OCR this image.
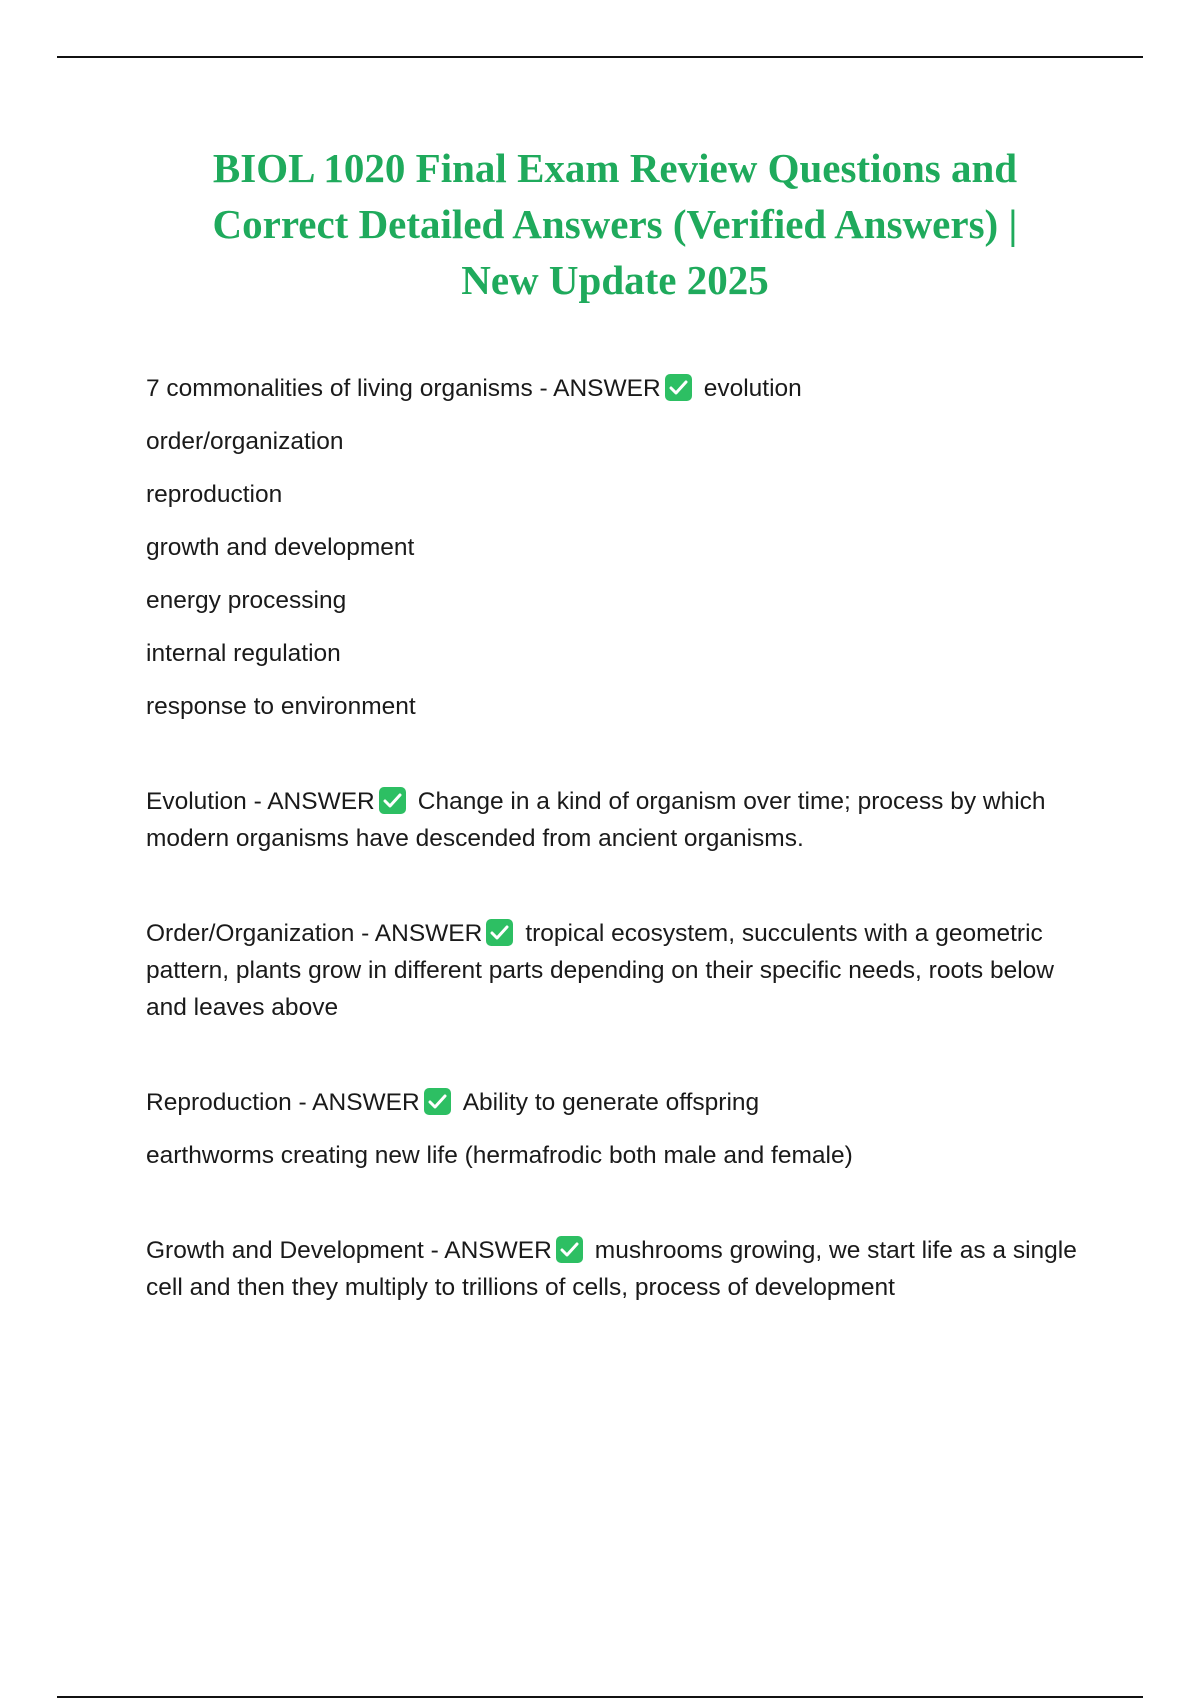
BIOL 1020 Final Exam Review Questions and
Correct Detailed Answers (Verified Answers) |
New Update 2025
7 commonalities of living organisms - ANSWER evolution
order/organization
reproduction
growth and development
energy processing
internal regulation
response to environment

Evolution - ANSWER Change in a kind of organism over time; process by which modern organisms have descended from ancient organisms.

Order/Organization - ANSWER tropical ecosystem, succulents with a geometric pattern, plants grow in different parts depending on their specific needs, roots below and leaves above

Reproduction - ANSWER Ability to generate offspring
earthworms creating new life (hermafrodic both male and female)

Growth and Development - ANSWER mushrooms growing, we start life as a single cell and then they multiply to trillions of cells, process of development
